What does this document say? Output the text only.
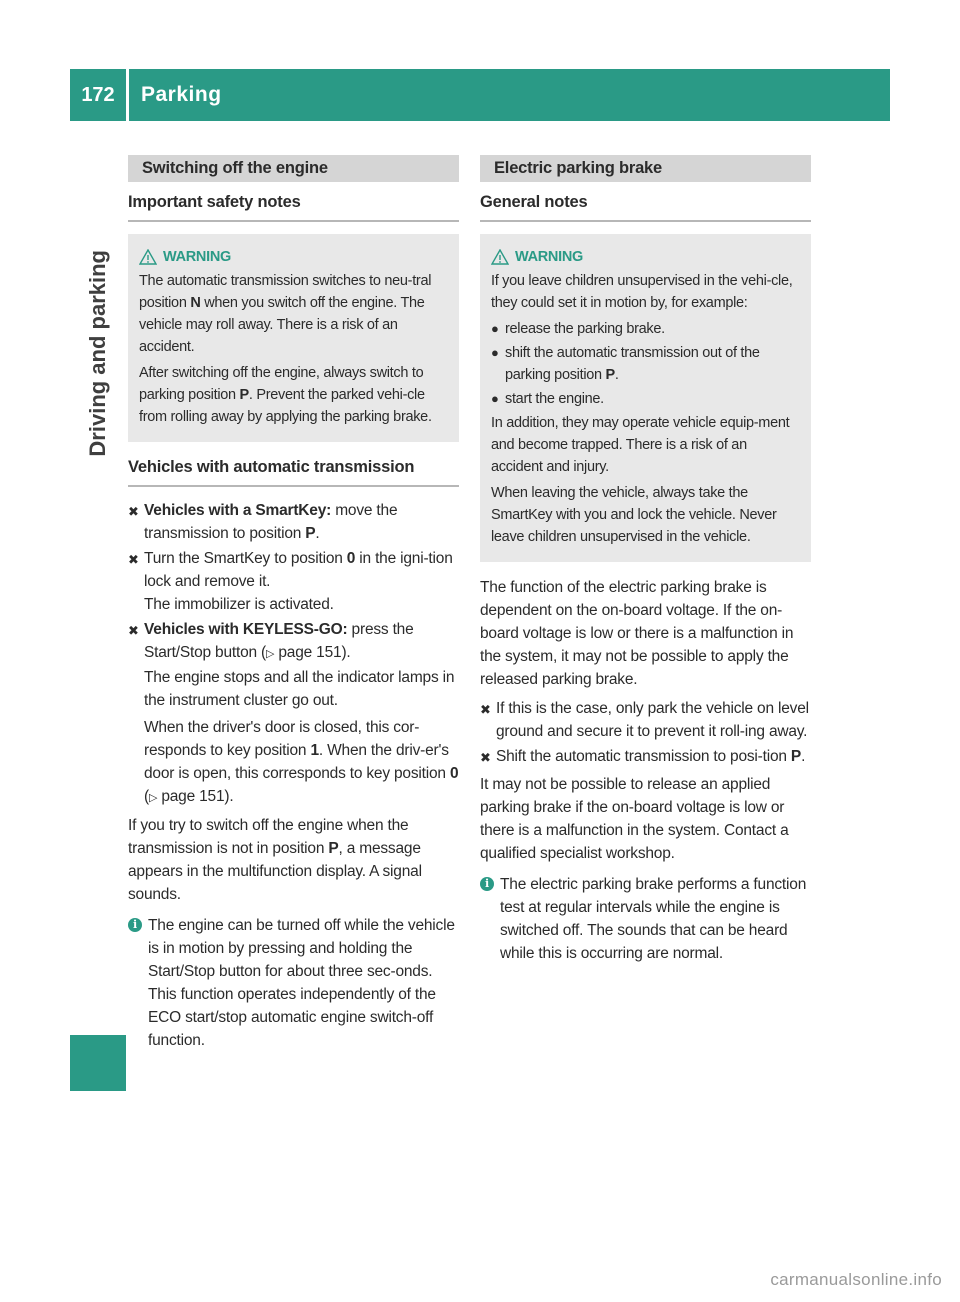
172	Parking
Driving and parking
Switching off the engine
Important safety notes
WARNING

The automatic transmission switches to neu-tral position N when you switch off the engine. The vehicle may roll away. There is a risk of an accident.

After switching off the engine, always switch to parking position P. Prevent the parked vehi-cle from rolling away by applying the parking brake.

Vehicles with automatic transmission
✖ Vehicles with a SmartKey: move the transmission to position P.

✖ Turn the SmartKey to position 0 in the igni-tion lock and remove it.

The immobilizer is activated.

✖ Vehicles with KEYLESS-GO: press the Start/Stop button (▷ page 151).

The engine stops and all the indicator lamps in the instrument cluster go out.

When the driver's door is closed, this cor-responds to key position 1. When the driv-er's door is open, this corresponds to key position 0 (▷ page 151).

If you try to switch off the engine when the transmission is not in position P, a message appears in the multifunction display. A signal sounds.

i The engine can be turned off while the vehicle is in motion by pressing and holding the Start/Stop button for about three sec-onds. This function operates independently of the ECO start/stop automatic engine switch-off function.
Electric parking brake
General notes
WARNING

If you leave children unsupervised in the vehi-cle, they could set it in motion by, for example:

● release the parking brake.
● shift the automatic transmission out of the parking position P.
● start the engine.

In addition, they may operate vehicle equip-ment and become trapped. There is a risk of an accident and injury.

When leaving the vehicle, always take the SmartKey with you and lock the vehicle. Never leave children unsupervised in the vehicle.

The function of the electric parking brake is dependent on the on-board voltage. If the on-board voltage is low or there is a malfunction in the system, it may not be possible to apply the released parking brake.

✖ If this is the case, only park the vehicle on level ground and secure it to prevent it roll-ing away.

✖ Shift the automatic transmission to posi-tion P.

It may not be possible to release an applied parking brake if the on-board voltage is low or there is a malfunction in the system. Contact a qualified specialist workshop.

i The electric parking brake performs a function test at regular intervals while the engine is switched off. The sounds that can be heard while this is occurring are normal.
carmanualsonline.info
